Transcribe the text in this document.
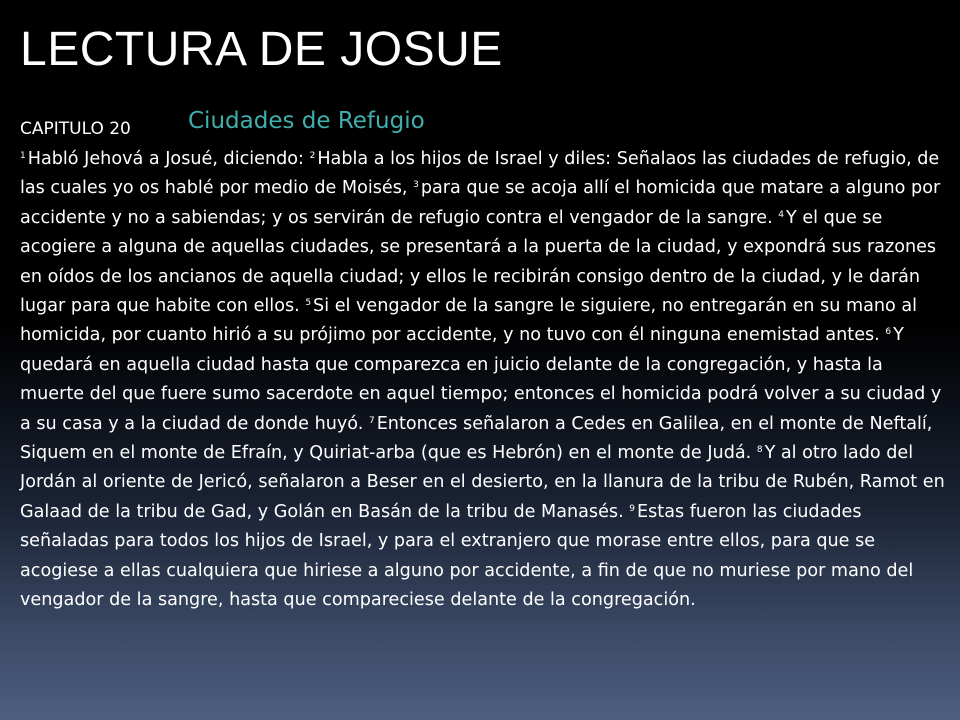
LECTURA DE JOSUE
CAPITULO 20 Ciudades de Refugio

$^1$ Habló Jehová a Josué, diciendo: $^2$ Habla a los hijos de Israel y diles: Señalaos las ciudades de refugio, de las cuales yo os hablé por medio de Moisés, $^3$ para que se acoja allí el homicida que matare a alguno por accidente y no a sabiendas; y os servirán de refugio contra el vengador de la sangre. $^4$ Y el que se acogiere a alguna de aquellas ciudades, se presentará a la puerta de la ciudad, y expondrá sus razones en oídos de los ancianos de aquella ciudad; y ellos le recibirán consigo dentro de la ciudad, y le darán lugar para que habite con ellos. $^5$ Si el vengador de la sangre le siguiere, no entregarán en su mano al homicida, por cuanto hirió a su prójimo por accidente, y no tuvo con él ninguna enemistad antes. $^6$ Y quedará en aquella ciudad hasta que comparezca en juicio delante de la congregación, y hasta la muerte del que fuere sumo sacerdote en aquel tiempo; entonces el homicida podrá volver a su ciudad y a su casa y a la ciudad de donde huyó. $^7$ Entonces señalaron a Cedes en Galilea, en el monte de Neftalí, Siquem en el monte de Efraín, y Quiriat-arba (que es Hebrón) en el monte de Judá. $^8$ Y al otro lado del Jordán al oriente de Jericó, señalaron a Beser en el desierto, en la llanura de la tribu de Rubén, Ramot en Galaad de la tribu de Gad, y Golán en Basán de la tribu de Manasés. $^9$ Estas fueron las ciudades señaladas para todos los hijos de Israel, y para el extranjero que morase entre ellos, para que se acogiese a ellas cualquiera que hiriese a alguno por accidente, a fin de que no muriese por mano del vengador de la sangre, hasta que compareciese delante de la congregación.
